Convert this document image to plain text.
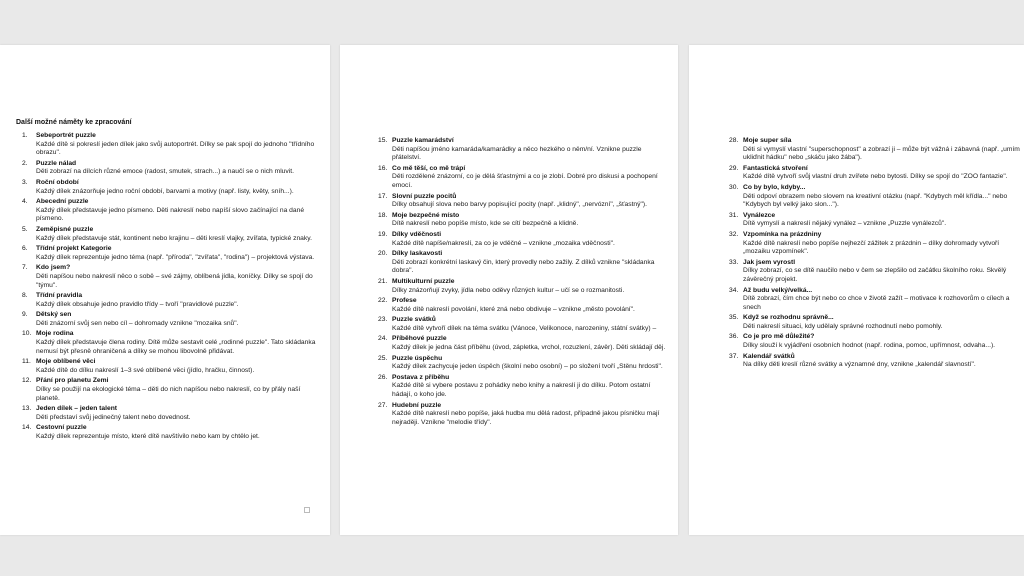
Další možné náměty ke zpracování
1.	Sebeportrét puzzle
Každé dítě si pokreslí jeden dílek jako svůj autoportrét. Dílky se pak spojí do jednoho "třídního obrazu".
2.	Puzzle nálad
Děti zobrazí na dílcích různé emoce (radost, smutek, strach...) a naučí se o nich mluvit.
3.	Roční období
Každý dílek znázorňuje jedno roční období, barvami a motivy (např. listy, květy, sníh...).
4.	Abecední puzzle
Každý dílek představuje jedno písmeno. Děti nakreslí nebo napíší slovo začínající na dané písmeno.
5.	Zeměpisné puzzle
Každý dílek představuje stát, kontinent nebo krajinu – děti kreslí vlajky, zvířata, typické znaky.
6.	Třídní projekt Kategorie
Každý dílek reprezentuje jedno téma (např. "příroda", "zvířata", "rodina") – projektová výstava.
7.	Kdo jsem?
Děti napíšou nebo nakreslí něco o sobě – své zájmy, oblíbená jídla, koníčky. Dílky se spojí do "týmu".
8.	Třídní pravidla
Každý dílek obsahuje jedno pravidlo třídy – tvoří "pravidlové puzzle".
9.	Dětský sen
Děti znázorní svůj sen nebo cíl – dohromady vznikne "mozaika snů".
10. Moje rodina
Každý dílek představuje člena rodiny. Dítě může sestavit celé „rodinné puzzle". Tato skládanka nemusí být přesně ohraničená a dílky se mohou libovolně přidávat.
11. Moje oblíbené věci
Každé dítě do dílku nakreslí 1–3 své oblíbené věci (jídlo, hračku, činnost).
12. Přání pro planetu Zemi
Dílky se použijí na ekologické téma – děti do nich napíšou nebo nakreslí, co by přály naší planetě.
13. Jeden dílek – jeden talent
Děti představí svůj jedinečný talent nebo dovednost.
14. Cestovní puzzle
Každý dílek reprezentuje místo, které dítě navštívilo nebo kam by chtělo jet.
15. Puzzle kamarádství
Děti napíšou jméno kamaráda/kamarádky a něco hezkého o něm/ní. Vznikne puzzle přátelství.
16. Co mě těší, co mě trápí
Děti rozdělené znázorní, co je dělá šťastnými a co je zlobí. Dobré pro diskusi a pochopení emocí.
17. Slovní puzzle pocitů
Dílky obsahují slova nebo barvy popisující pocity (např. „klidný", „nervózní", „šťastný").
18. Moje bezpečné místo
Dítě nakreslí nebo popíše místo, kde se cítí bezpečně a klidně.
19. Dílky vděčnosti
Každé dítě napíše/nakreslí, za co je vděčné – vznikne „mozaika vděčnosti".
20. Dílky laskavosti
Děti zobrazí konkrétní laskavý čin, který provedly nebo zažily. Z dílků vznikne "skládanka dobra".
21. Multikulturní puzzle
Dílky znázorňují zvyky, jídla nebo oděvy různých kultur – učí se o rozmanitosti.
22. Profese
Každé dítě nakreslí povolání, které zná nebo obdivuje – vznikne „město povolání".
23. Puzzle svátků
Každé dítě vytvoří dílek na téma svátku (Vánoce, Velikonoce, narozeniny, státní svátky) –
24. Příběhové puzzle
Každý dílek je jedna část příběhu (úvod, zápletka, vrchol, rozuzlení, závěr). Děti skládají děj.
25. Puzzle úspěchu
Každý dílek zachycuje jeden úspěch (školní nebo osobní) – po složení tvoří „Stěnu hrdosti".
26. Postava z příběhu
Každé dítě si vybere postavu z pohádky nebo knihy a nakreslí ji do dílku. Potom ostatní hádají, o koho jde.
27. Hudební puzzle
Každé dítě nakreslí nebo popíše, jaká hudba mu dělá radost, případně jakou písničku mají nejraději. Vznikne "melodie třídy".
28. Moje super síla
Děti si vymyslí vlastní "superschopnost" a zobrazí ji – může být vážná i zábavná (např. „umím ukliďnit hádku" nebo „skáču jako žába").
29. Fantastická stvoření
Každé dítě vytvoří svůj vlastní druh zvířete nebo bytosti. Dílky se spojí do "ZOO fantazie".
30. Co by bylo, kdyby...
Děti odpoví obrazem nebo slovem na kreativní otázku (např. "Kdybych měl křídla..." nebo "Kdybych byl velký jako slon...").
31. Vynálezce
Dítě vymyslí a nakreslí nějaký vynález – vznikne „Puzzle vynálezců".
32. Vzpomínka na prázdniny
Každé dítě nakreslí nebo popíše nejhezčí zážitek z prázdnin – dílky dohromady vytvoří „mozaiku vzpomínek".
33. Jak jsem vyrostl
Dílky zobrazí, co se dítě naučilo nebo v čem se zlepšilo od začátku školního roku. Skvělý závěrečný projekt.
34. Až budu velký/velká...
Dítě zobrazí, čím chce být nebo co chce v životě zažít – motivace k rozhovorům o cílech a snech
35. Když se rozhodnu správně...
Děti nakreslí situaci, kdy udělaly správné rozhodnutí nebo pomohly.
36. Co je pro mě důležité?
Dílky slouží k vyjádření osobních hodnot (např. rodina, pomoc, upřímnost, odvaha...).
37. Kalendář svátků
Na dílky děti kreslí různé svátky a významné dny, vznikne „kalendář slavností".
